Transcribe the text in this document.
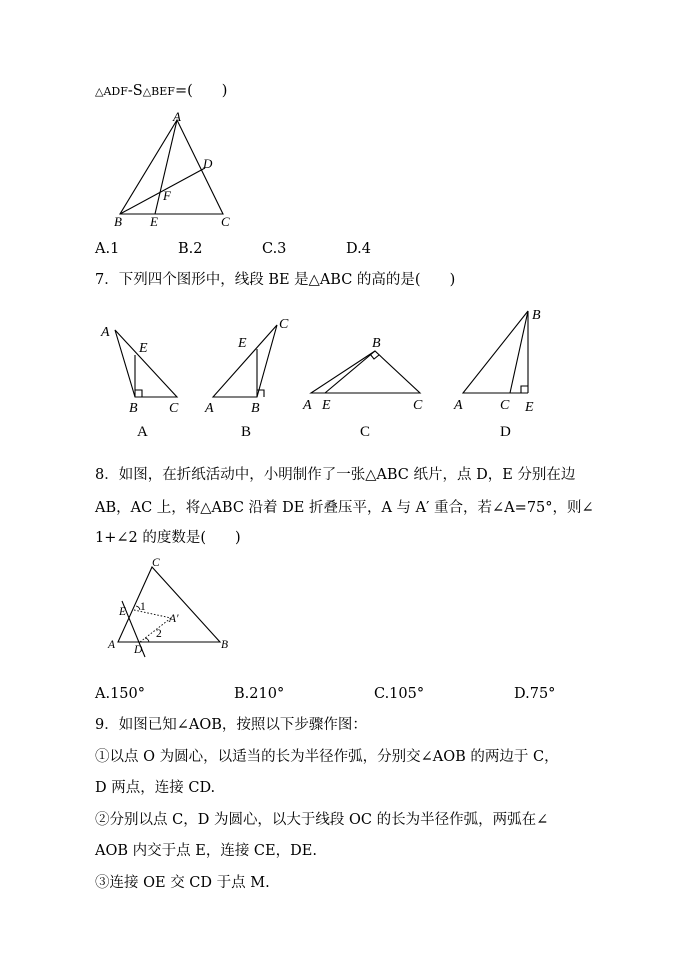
△ADF-S△BEF=(　　)
A
B	C
D
E
F
A.1	B.2	C.3	D.4
7．下列四个图形中，线段 BE 是△ABC 的高的是(　　)
A
E
B C
E
C
A	B
B
A E	C
B
A	C E
A	B	C	D
8．如图，在折纸活动中，小明制作了一张△ABC 纸片，点 D，E 分别在边
AB，AC 上，将△ABC 沿着 DE 折叠压平，A 与 A′ 重合，若∠A=75°，则∠
1+∠2 的度数是(　　)
C
E 1
A′
2
A D	B
A.150°	B.210°	C.105°	D.75°
9．如图已知∠AOB，按照以下步骤作图：
①以点 O 为圆心，以适当的长为半径作弧，分别交∠AOB 的两边于 C，
D 两点，连接 CD.
②分别以点 C，D 为圆心，以大于线段 OC 的长为半径作弧，两弧在∠
AOB 内交于点 E，连接 CE，DE.
③连接 OE 交 CD 于点 M.
